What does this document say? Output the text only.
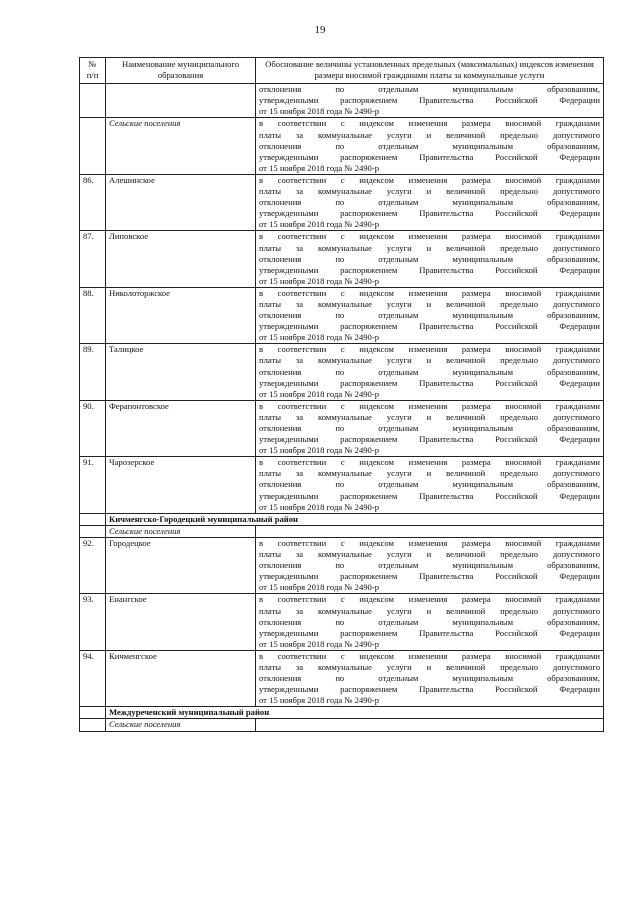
19
№
п/п	Наименование муниципального образования	Обоснование величины установленных предельных (максимальных) индексов изменения размера вносимой гражданами платы за коммунальные услуги

		отклонения по отдельным муниципальным образованиям,
утвержденными распоряжением Правительства Российской Федерации
от 15 ноября 2018 года № 2490-р

	Сельские поселения	в соответствии с индексом изменения размера вносимой гражданами
платы за коммунальные услуги и величиной предельно допустимого
отклонения по отдельным муниципальным образованиям,
утвержденными распоряжением Правительства Российской Федерации
от 15 ноября 2018 года № 2490-р

86.	Алешинское	в соответствии с индексом изменения размера вносимой гражданами
платы за коммунальные услуги и величиной предельно допустимого
отклонения по отдельным муниципальным образованиям,
утвержденными распоряжением Правительства Российской Федерации
от 15 ноября 2018 года № 2490-р

87.	Липовское	в соответствии с индексом изменения размера вносимой гражданами
платы за коммунальные услуги и величиной предельно допустимого
отклонения по отдельным муниципальным образованиям,
утвержденными распоряжением Правительства Российской Федерации
от 15 ноября 2018 года № 2490-р

88.	Николоторжское	в соответствии с индексом изменения размера вносимой гражданами
платы за коммунальные услуги и величиной предельно допустимого
отклонения по отдельным муниципальным образованиям,
утвержденными распоряжением Правительства Российской Федерации
от 15 ноября 2018 года № 2490-р

89.	Талицкое	в соответствии с индексом изменения размера вносимой гражданами
платы за коммунальные услуги и величиной предельно допустимого
отклонения по отдельным муниципальным образованиям,
утвержденными распоряжением Правительства Российской Федерации
от 15 ноября 2018 года № 2490-р

90.	Ферапонтовское	в соответствии с индексом изменения размера вносимой гражданами
платы за коммунальные услуги и величиной предельно допустимого
отклонения по отдельным муниципальным образованиям,
утвержденными распоряжением Правительства Российской Федерации
от 15 ноября 2018 года № 2490-р

91.	Чарозерское	в соответствии с индексом изменения размера вносимой гражданами
платы за коммунальные услуги и величиной предельно допустимого
отклонения по отдельным муниципальным образованиям,
утвержденными распоряжением Правительства Российской Федерации
от 15 ноября 2018 года № 2490-р

	Кичменгско-Городецкий муниципальный район	
	Сельские поселения	
92.	Городецкое	в соответствии с индексом изменения размера вносимой гражданами
платы за коммунальные услуги и величиной предельно допустимого
отклонения по отдельным муниципальным образованиям,
утвержденными распоряжением Правительства Российской Федерации
от 15 ноября 2018 года № 2490-р

93.	Енангское	в соответствии с индексом изменения размера вносимой гражданами
платы за коммунальные услуги и величиной предельно допустимого
отклонения по отдельным муниципальным образованиям,
утвержденными распоряжением Правительства Российской Федерации
от 15 ноября 2018 года № 2490-р

94.	Кичменгское	в соответствии с индексом изменения размера вносимой гражданами
платы за коммунальные услуги и величиной предельно допустимого
отклонения по отдельным муниципальным образованиям,
утвержденными распоряжением Правительства Российской Федерации
от 15 ноября 2018 года № 2490-р

	Междуреченский муниципальный район	
	Сельские поселения	
